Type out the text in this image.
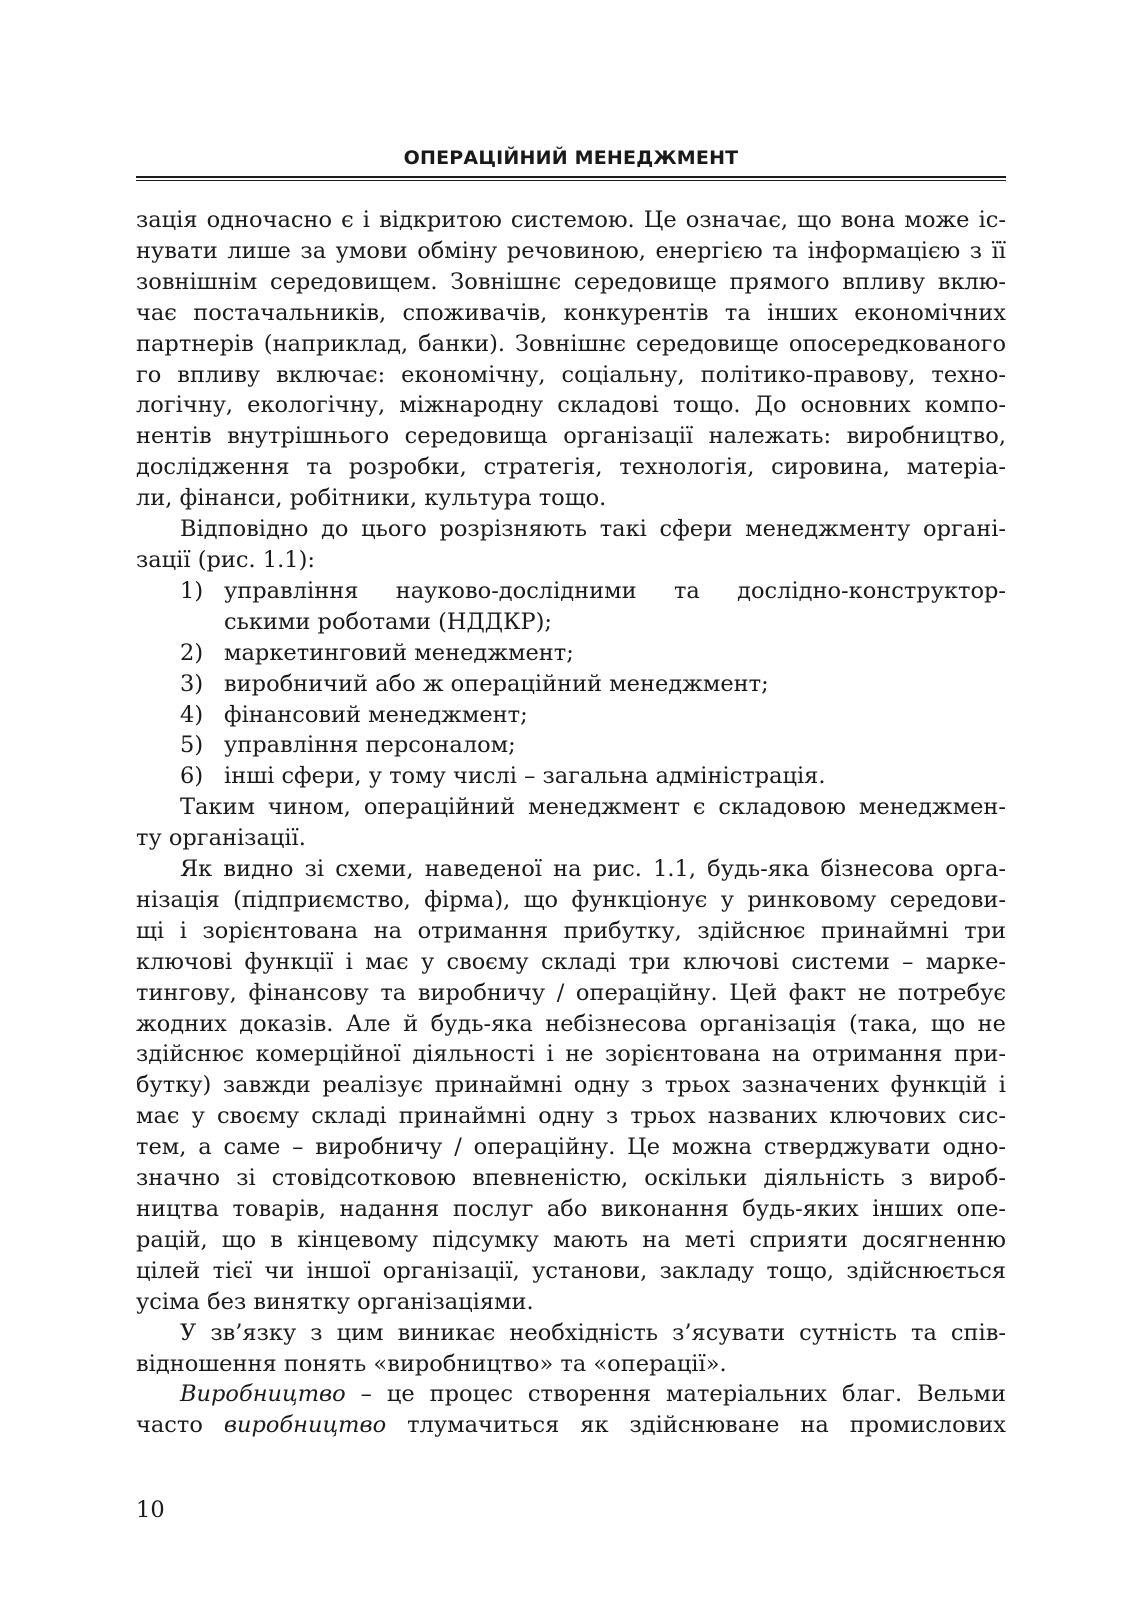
ОПЕРАЦІЙНИЙ МЕНЕДЖМЕНТ
зація одночасно є і відкритою системою. Це означає, що вона може іс-
нувати лише за умови обміну речовиною, енергією та інформацією з її
зовнішнім середовищем. Зовнішнє середовище прямого впливу вклю-
чає постачальників, споживачів, конкурентів та інших економічних
партнерів (наприклад, банки). Зовнішнє середовище опосередкованого
го впливу включає: економічну, соціальну, політико-правову, техно-
логічну, екологічну, міжнародну складові тощо. До основних компо-
нентів внутрішнього середовища організації належать: виробництво,
дослідження та розробки, стратегія, технологія, сировина, матеріа-
ли, фінанси, робітники, культура тощо.
Відповідно до цього розрізняють такі сфери менеджменту органі-
зації (рис. 1.1):
1) управління науково-дослідними та дослідно-конструктор-
ськими роботами (НДДКР);
2) маркетинговий менеджмент;
3) виробничий або ж операційний менеджмент;
4) фінансовий менеджмент;
5) управління персоналом;
6) інші сфери, у тому числі – загальна адміністрація.
Таким чином, операційний менеджмент є складовою менеджмен-
ту організації.
Як видно зі схеми, наведеної на рис. 1.1, будь-яка бізнесова орга-
нізація (підприємство, фірма), що функціонує у ринковому середови-
щі і зорієнтована на отримання прибутку, здійснює принаймні три
ключові функції і має у своєму складі три ключові системи – марке-
тингову, фінансову та виробничу / операційну. Цей факт не потребує
жодних доказів. Але й будь-яка небізнесова організація (така, що не
здійснює комерційної діяльності і не зорієнтована на отримання при-
бутку) завжди реалізує принаймні одну з трьох зазначених функцій і
має у своєму складі принаймні одну з трьох названих ключових сис-
тем, а саме – виробничу / операційну. Це можна стверджувати одно-
значно зі стовідсотковою впевненістю, оскільки діяльність з вироб-
ництва товарів, надання послуг або виконання будь-яких інших опе-
рацій, що в кінцевому підсумку мають на меті сприяти досягненню
цілей тієї чи іншої організації, установи, закладу тощо, здійснюється
усіма без винятку організаціями.
У зв’язку з цим виникає необхідність з’ясувати сутність та спів-
відношення понять «виробництво» та «операції».
Виробництво – це процес створення матеріальних благ. Вельми
часто виробництво тлумачиться як здійснюване на промислових
10
